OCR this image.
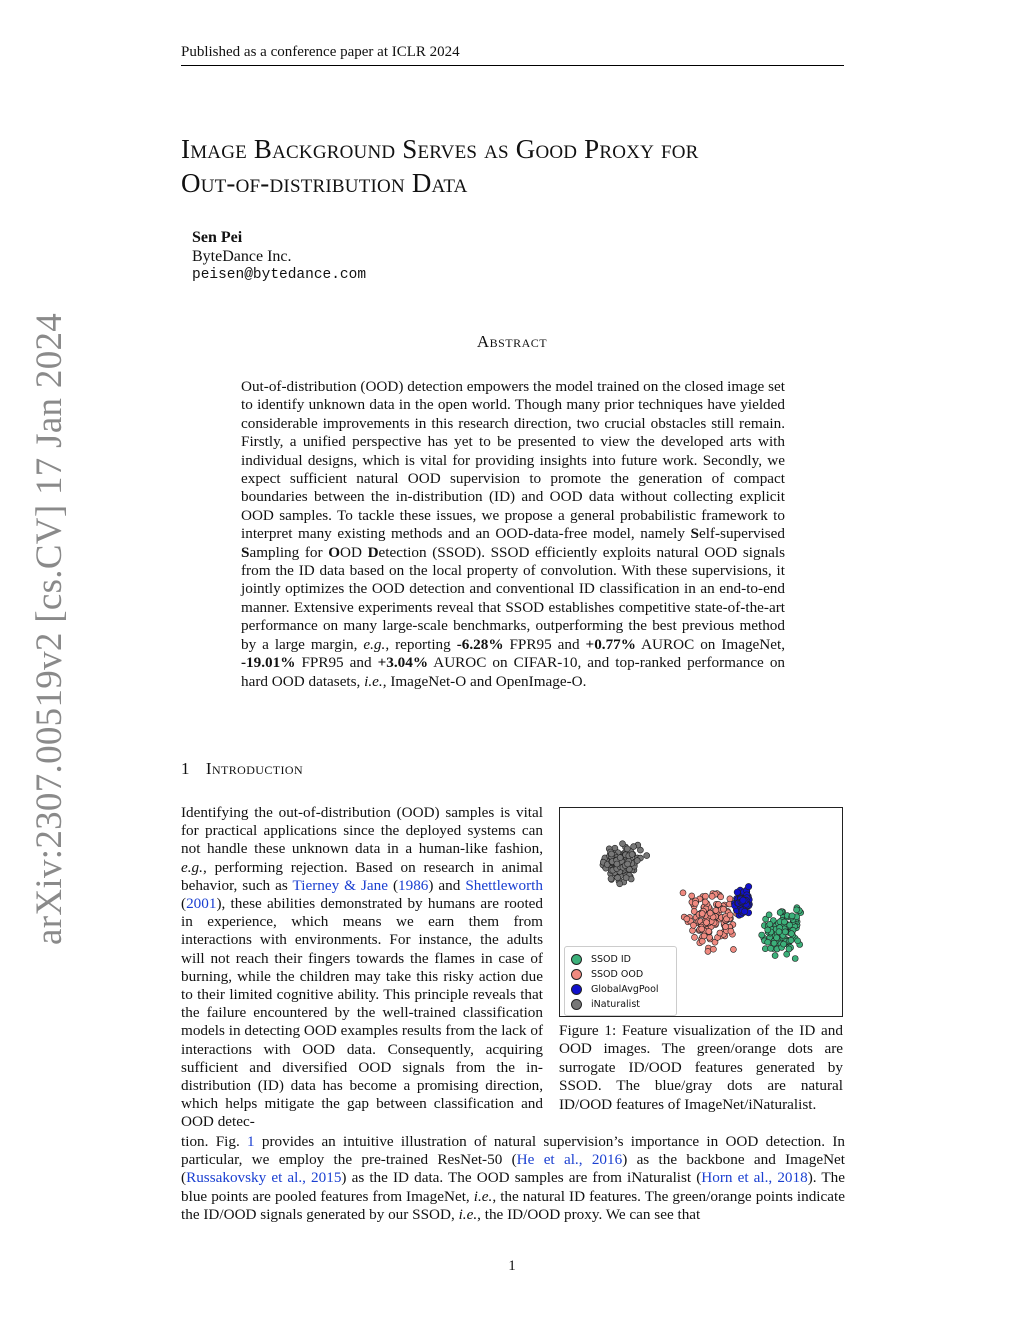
Published as a conference paper at ICLR 2024
arXiv:2307.00519v2 [cs.CV] 17 Jan 2024
Image Background Serves as Good Proxy for
Out-of-distribution Data
Sen Pei
ByteDance Inc.
peisen@bytedance.com
Abstract
Out-of-distribution (OOD) detection empowers the model trained on the closed image set to identify unknown data in the open world. Though many prior techniques have yielded considerable improvements in this research direction, two crucial obstacles still remain. Firstly, a unified perspective has yet to be presented to view the developed arts with individual designs, which is vital for providing insights into future work. Secondly, we expect sufficient natural OOD supervision to promote the generation of compact boundaries between the in-distribution (ID) and OOD data without collecting explicit OOD samples. To tackle these issues, we propose a general probabilistic framework to interpret many existing methods and an OOD-data-free model, namely Self-supervised Sampling for OOD Detection (SSOD). SSOD efficiently exploits natural OOD signals from the ID data based on the local property of convolution. With these supervisions, it jointly optimizes the OOD detection and conventional ID classification in an end-to-end manner. Extensive experiments reveal that SSOD establishes competitive state-of-the-art performance on many large-scale benchmarks, outperforming the best previous method by a large margin, e.g., reporting -6.28% FPR95 and +0.77% AUROC on ImageNet, -19.01% FPR95 and +3.04% AUROC on CIFAR-10, and top-ranked performance on hard OOD datasets, i.e., ImageNet-O and OpenImage-O.
1 Introduction
Identifying the out-of-distribution (OOD) samples is vital for practical applications since the deployed systems can not handle these unknown data in a human-like fashion, e.g., performing rejection. Based on research in animal behavior, such as Tierney & Jane (1986) and Shettleworth (2001), these abilities demonstrated by humans are rooted in experience, which means we earn them from interactions with environments. For instance, the adults will not reach their fingers towards the flames in case of burning, while the children may take this risky action due to their limited cognitive ability. This principle reveals that the failure encountered by the well-trained classification models in detecting OOD examples results from the lack of interactions with OOD data. Consequently, acquiring sufficient and diversified OOD signals from the in-distribution (ID) data has become a promising direction, which helps mitigate the gap between classification and OOD detec-
tion. Fig. 1 provides an intuitive illustration of natural supervision’s importance in OOD detection. In particular, we employ the pre-trained ResNet-50 (He et al., 2016) as the backbone and ImageNet (Russakovsky et al., 2015) as the ID data. The OOD samples are from iNaturalist (Horn et al., 2018). The blue points are pooled features from ImageNet, i.e., the natural ID features. The green/orange points indicate the ID/OOD signals generated by our SSOD, i.e., the ID/OOD proxy. We can see that
SSOD ID
SSOD OOD
GlobalAvgPool
iNaturalist
Figure 1: Feature visualization of the ID and OOD images. The green/orange dots are surrogate ID/OOD features generated by SSOD. The blue/gray dots are natural ID/OOD features of ImageNet/iNaturalist.
1
